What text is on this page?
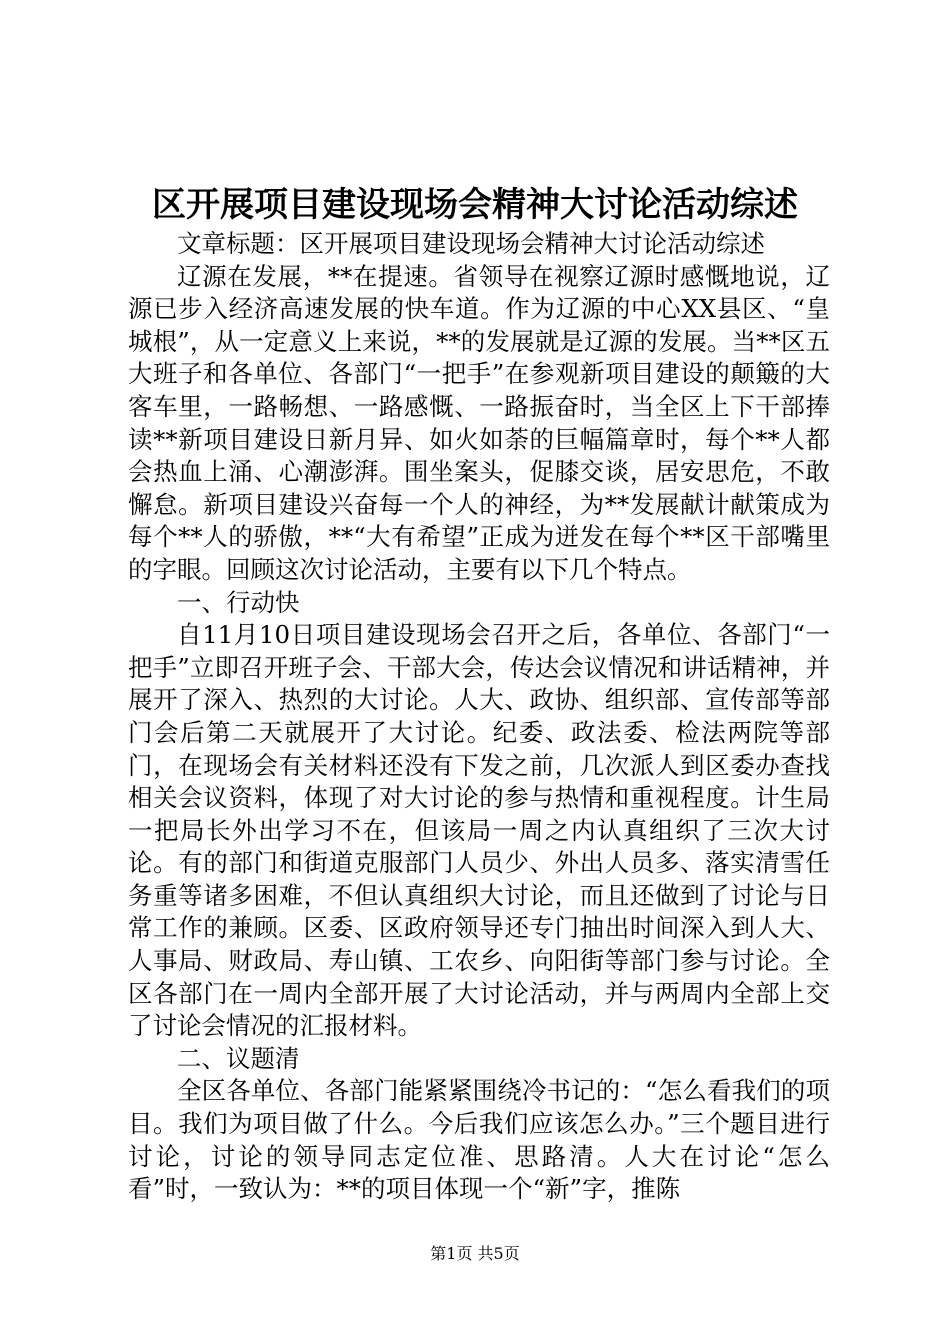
区开展项目建设现场会精神大讨论活动综述

文章标题：区开展项目建设现场会精神大讨论活动综述

辽源在发展，**在提速。省领导在视察辽源时感慨地说，辽源已步入经济高速发展的快车道。作为辽源的中心XX县区、“皇城根”，从一定意义上来说，**的发展就是辽源的发展。当**区五大班子和各单位、各部门“一把手”在参观新项目建设的颠簸的大客车里，一路畅想、一路感慨、一路振奋时，当全区上下干部捧读**新项目建设日新月异、如火如荼的巨幅篇章时，每个**人都会热血上涌、心潮澎湃。围坐案头，促膝交谈，居安思危，不敢懈怠。新项目建设兴奋每一个人的神经，为**发展献计献策成为每个**人的骄傲，**“大有希望”正成为迸发在每个**区干部嘴里的字眼。回顾这次讨论活动，主要有以下几个特点。

一、行动快

自11月10日项目建设现场会召开之后，各单位、各部门“一把手”立即召开班子会、干部大会，传达会议情况和讲话精神，并展开了深入、热烈的大讨论。人大、政协、组织部、宣传部等部门会后第二天就展开了大讨论。纪委、政法委、检法两院等部门，在现场会有关材料还没有下发之前，几次派人到区委办查找相关会议资料，体现了对大讨论的参与热情和重视程度。计生局一把局长外出学习不在，但该局一周之内认真组织了三次大讨论。有的部门和街道克服部门人员少、外出人员多、落实清雪任务重等诸多困难，不但认真组织大讨论，而且还做到了讨论与日常工作的兼顾。区委、区政府领导还专门抽出时间深入到人大、人事局、财政局、寿山镇、工农乡、向阳街等部门参与讨论。全区各部门在一周内全部开展了大讨论活动，并与两周内全部上交了讨论会情况的汇报材料。

二、议题清

全区各单位、各部门能紧紧围绕冷书记的：“怎么看我们的项目。我们为项目做了什么。今后我们应该怎么办。”三个题目进行讨论，讨论的领导同志定位准、思路清。人大在讨论“怎么看”时，一致认为：**的项目体现一个“新”字，推陈

第1页 共5页
